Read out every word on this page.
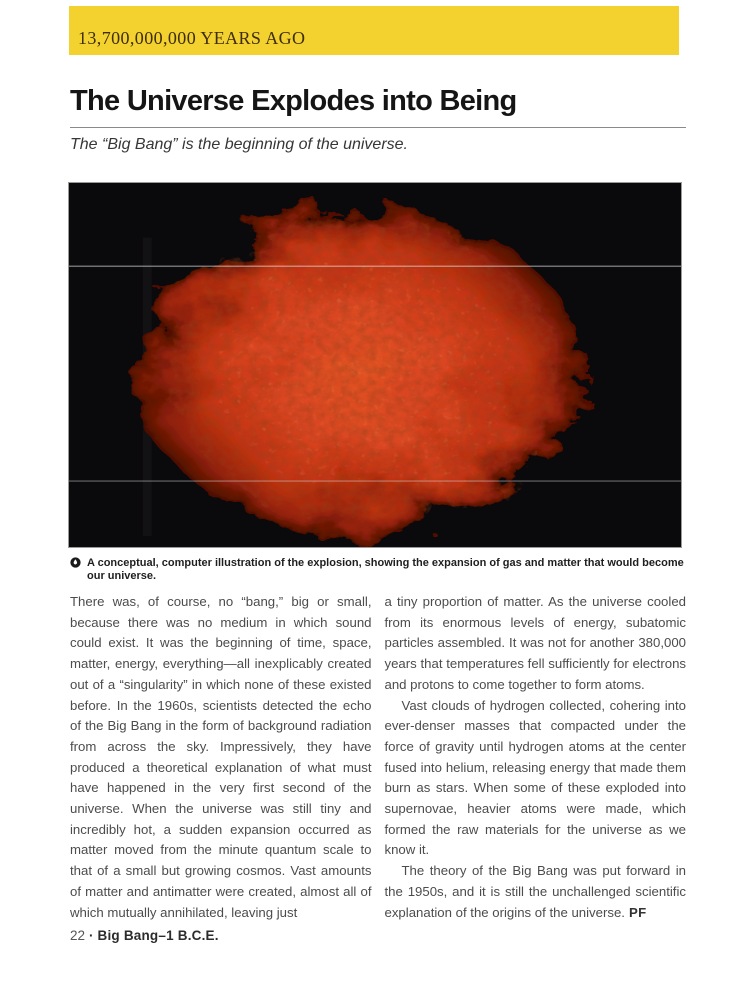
13,700,000,000 YEARS AGO
The Universe Explodes into Being
The “Big Bang” is the beginning of the universe.
A conceptual, computer illustration of the explosion, showing the expansion of gas and matter that would become our universe.

There was, of course, no “bang,” big or small, because there was no medium in which sound could exist. It was the beginning of time, space, matter, energy, everything—all inexplicably created out of a “singularity” in which none of these existed before. In the 1960s, scientists detected the echo of the Big Bang in the form of background radiation from across the sky. Impressively, they have produced a theoretical explanation of what must have happened in the very first second of the universe. When the universe was still tiny and incredibly hot, a sudden expansion occurred as matter moved from the minute quantum scale to that of a small but growing cosmos. Vast amounts of matter and antimatter were created, almost all of which mutually annihilated, leaving just

a tiny proportion of matter. As the universe cooled from its enormous levels of energy, subatomic particles assembled. It was not for another 380,000 years that temperatures fell sufficiently for electrons and protons to come together to form atoms.

Vast clouds of hydrogen collected, cohering into ever-denser masses that compacted under the force of gravity until hydrogen atoms at the center fused into helium, releasing energy that made them burn as stars. When some of these exploded into supernovae, heavier atoms were made, which formed the raw materials for the universe as we know it.

The theory of the Big Bang was put forward in the 1950s, and it is still the unchallenged scientific explanation of the origins of the universe. PF

22 · Big Bang–1 B.C.E.
